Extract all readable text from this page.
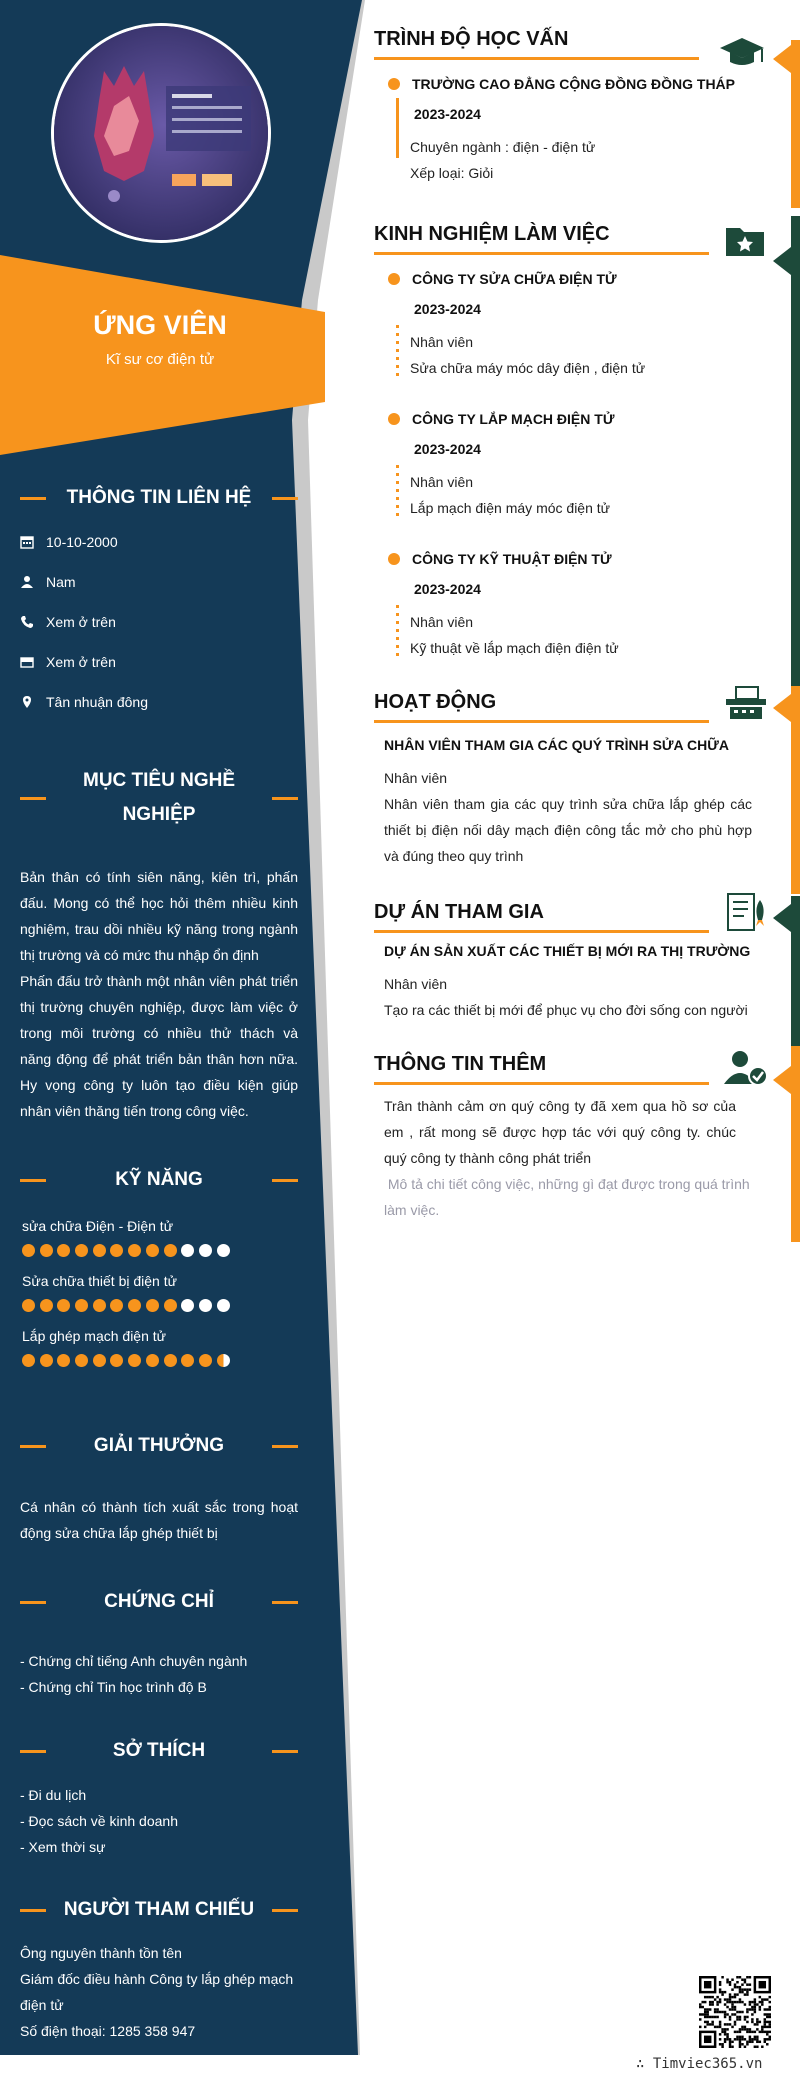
ỨNG VIÊN
Kĩ sư cơ điện tử
THÔNG TIN LIÊN HỆ
10-10-2000
Nam
Xem ở trên
Xem ở trên
Tân nhuận đông
MỤC TIÊU NGHỀ
NGHIỆP
Bản thân có tính siên năng, kiên trì, phấn đấu. Mong có thể học hỏi thêm nhiều kinh nghiệm, trau dồi nhiều kỹ năng trong ngành thị trường và có mức thu nhập ổn định
Phấn đấu trở thành một nhân viên phát triển thị trường chuyên nghiệp, được làm việc ở trong môi trường có nhiều thử thách và năng động để phát triển bản thân hơn nữa. Hy vọng công ty luôn tạo điều kiện giúp nhân viên thăng tiến trong công việc.
KỸ NĂNG
sửa chữa Điện - Điện tử
Sửa chữa thiết bị điện tử
Lắp ghép mạch điện tử
GIẢI THƯỞNG
Cá nhân có thành tích xuất sắc trong hoạt động sửa chữa lắp ghép thiết bị
CHỨNG CHỈ
- Chứng chỉ tiếng Anh chuyên ngành
- Chứng chỉ Tin học trình độ B
SỞ THÍCH
- Đi du lịch
- Đọc sách về kinh doanh
- Xem thời sự
NGƯỜI THAM CHIẾU
Ông nguyên thành tồn tên
Giám đốc điều hành Công ty lắp ghép mạch điện tử
Số điện thoại: 1285 358 947
TRÌNH ĐỘ HỌC VẤN
TRƯỜNG CAO ĐẲNG CỘNG ĐỒNG ĐỒNG THÁP
2023-2024
Chuyên ngành : điện - điện tử
Xếp loại: Giỏi
KINH NGHIỆM LÀM VIỆC
CÔNG TY SỬA CHỮA ĐIỆN TỬ
2023-2024
Nhân viên
Sửa chữa máy móc dây điện , điện tử
CÔNG TY LẮP MẠCH ĐIỆN TỬ
2023-2024
Nhân viên
Lắp mạch điện máy móc điện tử
CÔNG TY KỸ THUẬT ĐIỆN TỬ
2023-2024
Nhân viên
Kỹ thuật về lắp mạch điện điện tử
HOẠT ĐỘNG
NHÂN VIÊN THAM GIA CÁC QUÝ TRÌNH SỬA CHỮA
Nhân viên
Nhân viên tham gia các quy trình sửa chữa lắp ghép các thiết bị điện nối dây mạch điện công tắc mở cho phù hợp và đúng theo quy trình
DỰ ÁN THAM GIA
DỰ ÁN SẢN XUẤT CÁC THIẾT BỊ MỚI RA THỊ TRƯỜNG
Nhân viên
Tạo ra các thiết bị mới để phục vụ cho đời sống con người
THÔNG TIN THÊM
Trân thành cảm ơn quý công ty đã xem qua hồ sơ của em , rất mong sẽ được hợp tác với quý công ty. chúc quý công ty thành công phát triển
Mô tả chi tiết công việc, những gì đạt được trong quá trình làm việc.
∴ Timviec365.vn
